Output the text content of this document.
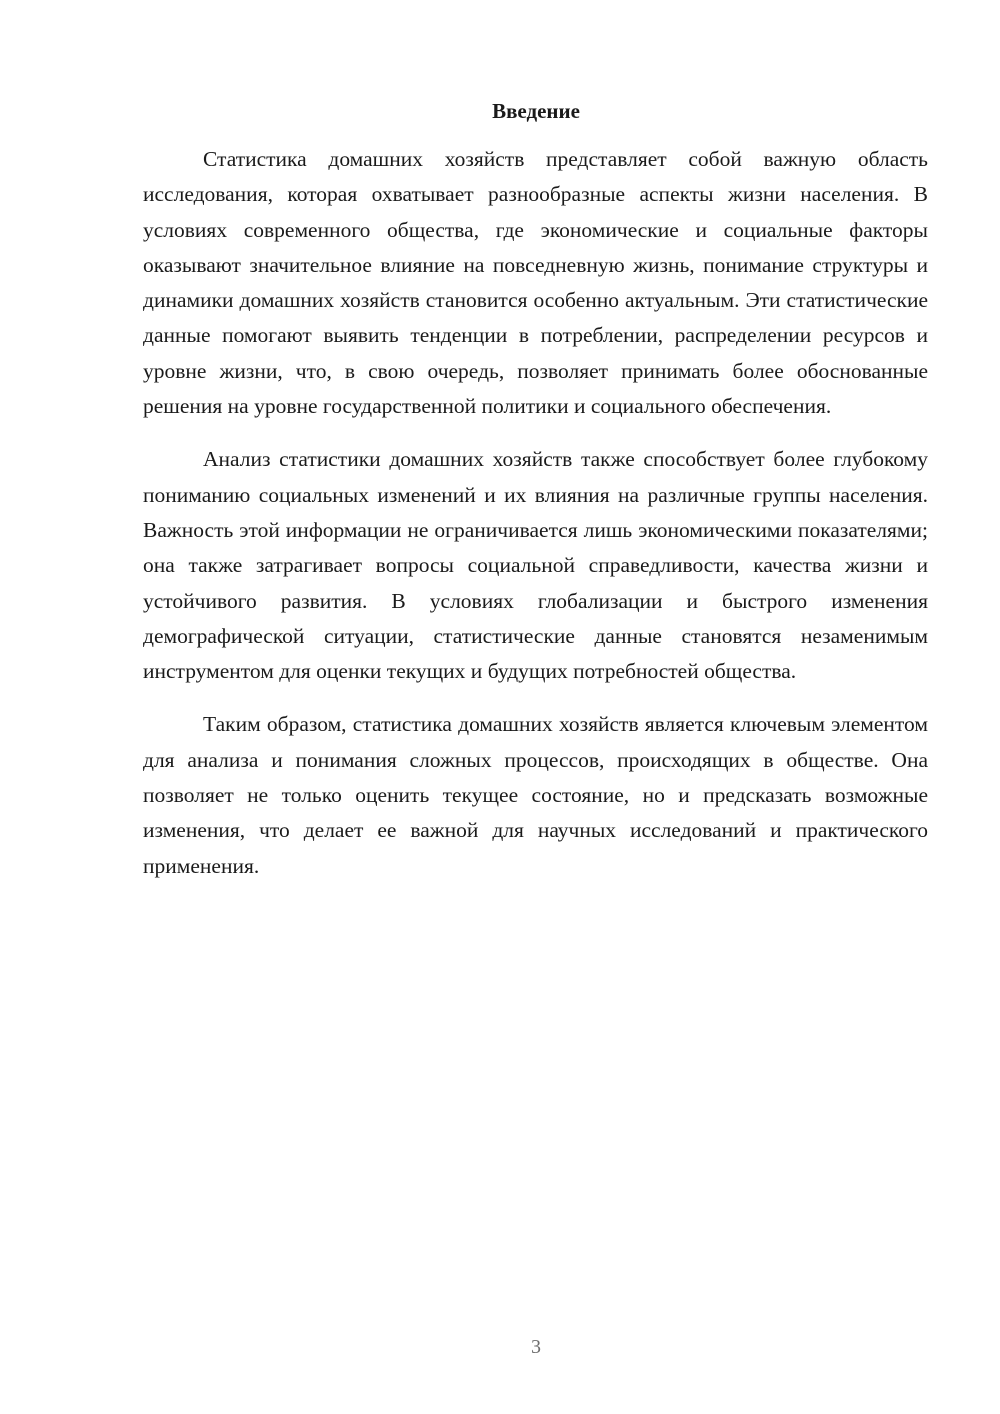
Введение

Статистика домашних хозяйств представляет собой важную область исследования, которая охватывает разнообразные аспекты жизни населения. В условиях современного общества, где экономические и социальные факторы оказывают значительное влияние на повседневную жизнь, понимание структуры и динамики домашних хозяйств становится особенно актуальным. Эти статистические данные помогают выявить тенденции в потреблении, распределении ресурсов и уровне жизни, что, в свою очередь, позволяет принимать более обоснованные решения на уровне государственной политики и социального обеспечения.

Анализ статистики домашних хозяйств также способствует более глубокому пониманию социальных изменений и их влияния на различные группы населения. Важность этой информации не ограничивается лишь экономическими показателями; она также затрагивает вопросы социальной справедливости, качества жизни и устойчивого развития. В условиях глобализации и быстрого изменения демографической ситуации, статистические данные становятся незаменимым инструментом для оценки текущих и будущих потребностей общества.

Таким образом, статистика домашних хозяйств является ключевым элементом для анализа и понимания сложных процессов, происходящих в обществе. Она позволяет не только оценить текущее состояние, но и предсказать возможные изменения, что делает ее важной для научных исследований и практического применения.

3
